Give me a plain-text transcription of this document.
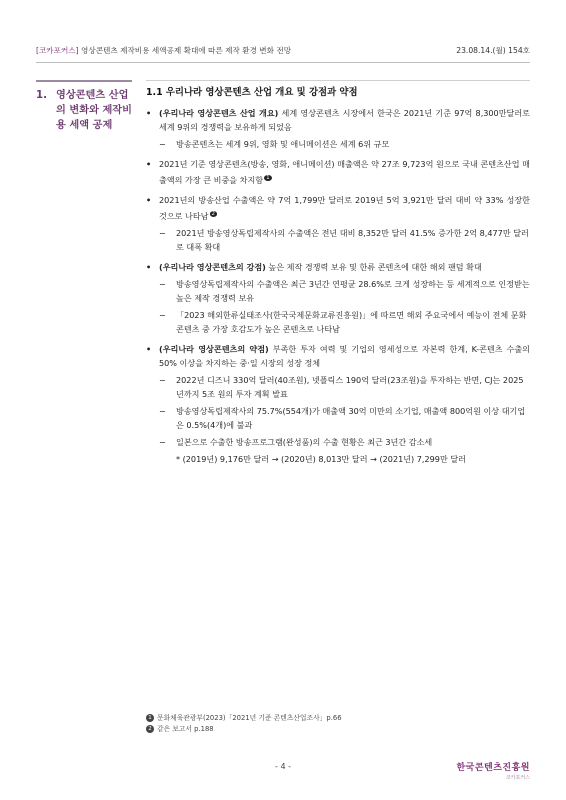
[코카포커스] 영상콘텐츠 제작비용 세액공제 확대에 따른 제작 환경 변화 전망	23.08.14.(월) 154호
1. 영상콘텐츠 산업의 변화와 제작비용 세액 공제
1.1 우리나라 영상콘텐츠 산업 개요 및 강점과 약점
• (우리나라 영상콘텐츠 산업 개요) 세계 영상콘텐츠 시장에서 한국은 2021년 기준 97억 8,300만달러로 세계 9위의 경쟁력을 보유하게 되었음
− 방송콘텐츠는 세계 9위, 영화 및 애니메이션은 세계 6위 규모
• 2021년 기준 영상콘텐츠(방송, 영화, 애니메이션) 매출액은 약 27조 9,723억 원으로 국내 콘텐츠산업 매출액의 가장 큰 비중을 차지함 $^1$
• 2021년의 방송산업 수출액은 약 7억 1,799만 달러로 2019년 5억 3,921만 달러 대비 약 33% 성장한 것으로 나타남 $^2$
− 2021년 방송영상독립제작사의 수출액은 전년 대비 8,352만 달러 41.5% 증가한 2억 8,477만 달러로 대폭 확대
• (우리나라 영상콘텐츠의 강점) 높은 제작 경쟁력 보유 및 한류 콘텐츠에 대한 해외 팬덤 확대
− 방송영상독립제작사의 수출액은 최근 3년간 연평균 28.6%로 크게 성장하는 등 세계적으로 인정받는 높은 제작 경쟁력 보유
− 「2023 해외한류실태조사(한국국제문화교류진흥원)」에 따르면 해외 주요국에서 예능이 전체 문화콘텐츠 중 가장 호감도가 높은 콘텐츠로 나타남
• (우리나라 영상콘텐츠의 약점) 부족한 투자 여력 및 기업의 영세성으로 자본력 한계, K-콘텐츠 수출의 50% 이상을 차지하는 중·일 시장의 성장 정체
− 2022년 디즈니 330억 달러(40조원), 넷플릭스 190억 달러(23조원)을 투자하는 반면, CJ는 2025년까지 5조 원의 투자 계획 발표
− 방송영상독립제작사의 75.7%(554개)가 매출액 30억 미만의 소기업, 매출액 800억원 이상 대기업은 0.5%(4개)에 불과
− 일본으로 수출한 방송프로그램(완성품)의 수출 현황은 최근 3년간 감소세
* (2019년) 9,176만 달러 → (2020년) 8,013만 달러 → (2021년) 7,299만 달러
1 문화체육관광부(2023)「2021년 기준 콘텐츠산업조사」p.66
2 같은 보고서 p.188
- 4 -	한국콘텐츠진흥원
코카포커스
